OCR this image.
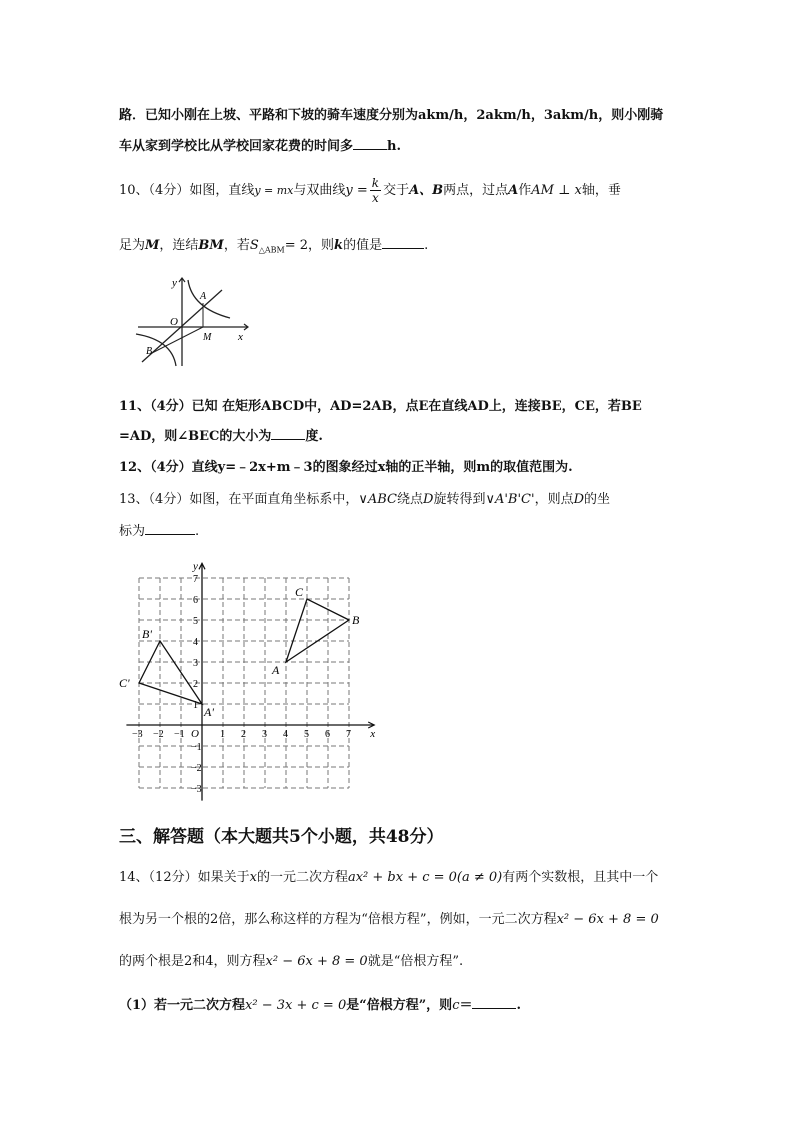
路．已知小刚在上坡、平路和下坡的骑车速度分别为akm/h，2akm/h，3akm/h，则小刚骑
车从家到学校比从学校回家花费的时间多	h.
10、（4分）如图，直线y = mx与双曲线$y = \frac{k}{x}$ 交于A、B两点，过点A作AM ⊥ x轴，垂
足为M，连结BM，若$S_{\triangle ABM}= 2$，则k的值是	.
y
x
O
A
B
M
11、（4分）已知 在矩形ABCD中，AD=2AB，点E在直线AD上，连接BE，CE，若BE
=AD，则∠BEC的大小为	度.
12、（4分）直线y=﹣2x+m﹣3的图象经过x轴的正半轴，则m的取值范围为.
13、（4分）如图，在平面直角坐标系中，∨ABC绕点D旋转得到∨A'B'C'，则点D的坐
标为	.
x
y
O
−3 −2 −1	1 2 3 4 5 6 7
7
6
5
4
3
2
1
−1
−2
−3
A
B
C
A'
B'
C'
三、解答题（本大题共5个小题，共48分）
14、（12分）如果关于x的一元二次方程ax² + bx + c = 0(a ≠ 0)有两个实数根，且其中一个
根为另一个根的2倍，那么称这样的方程为“倍根方程”，例如，一元二次方程x² − 6x + 8 = 0
的两个根是2和4，则方程x² − 6x + 8 = 0就是“倍根方程”.
（1）若一元二次方程x² − 3x + c = 0是“倍根方程”，则c＝	.
